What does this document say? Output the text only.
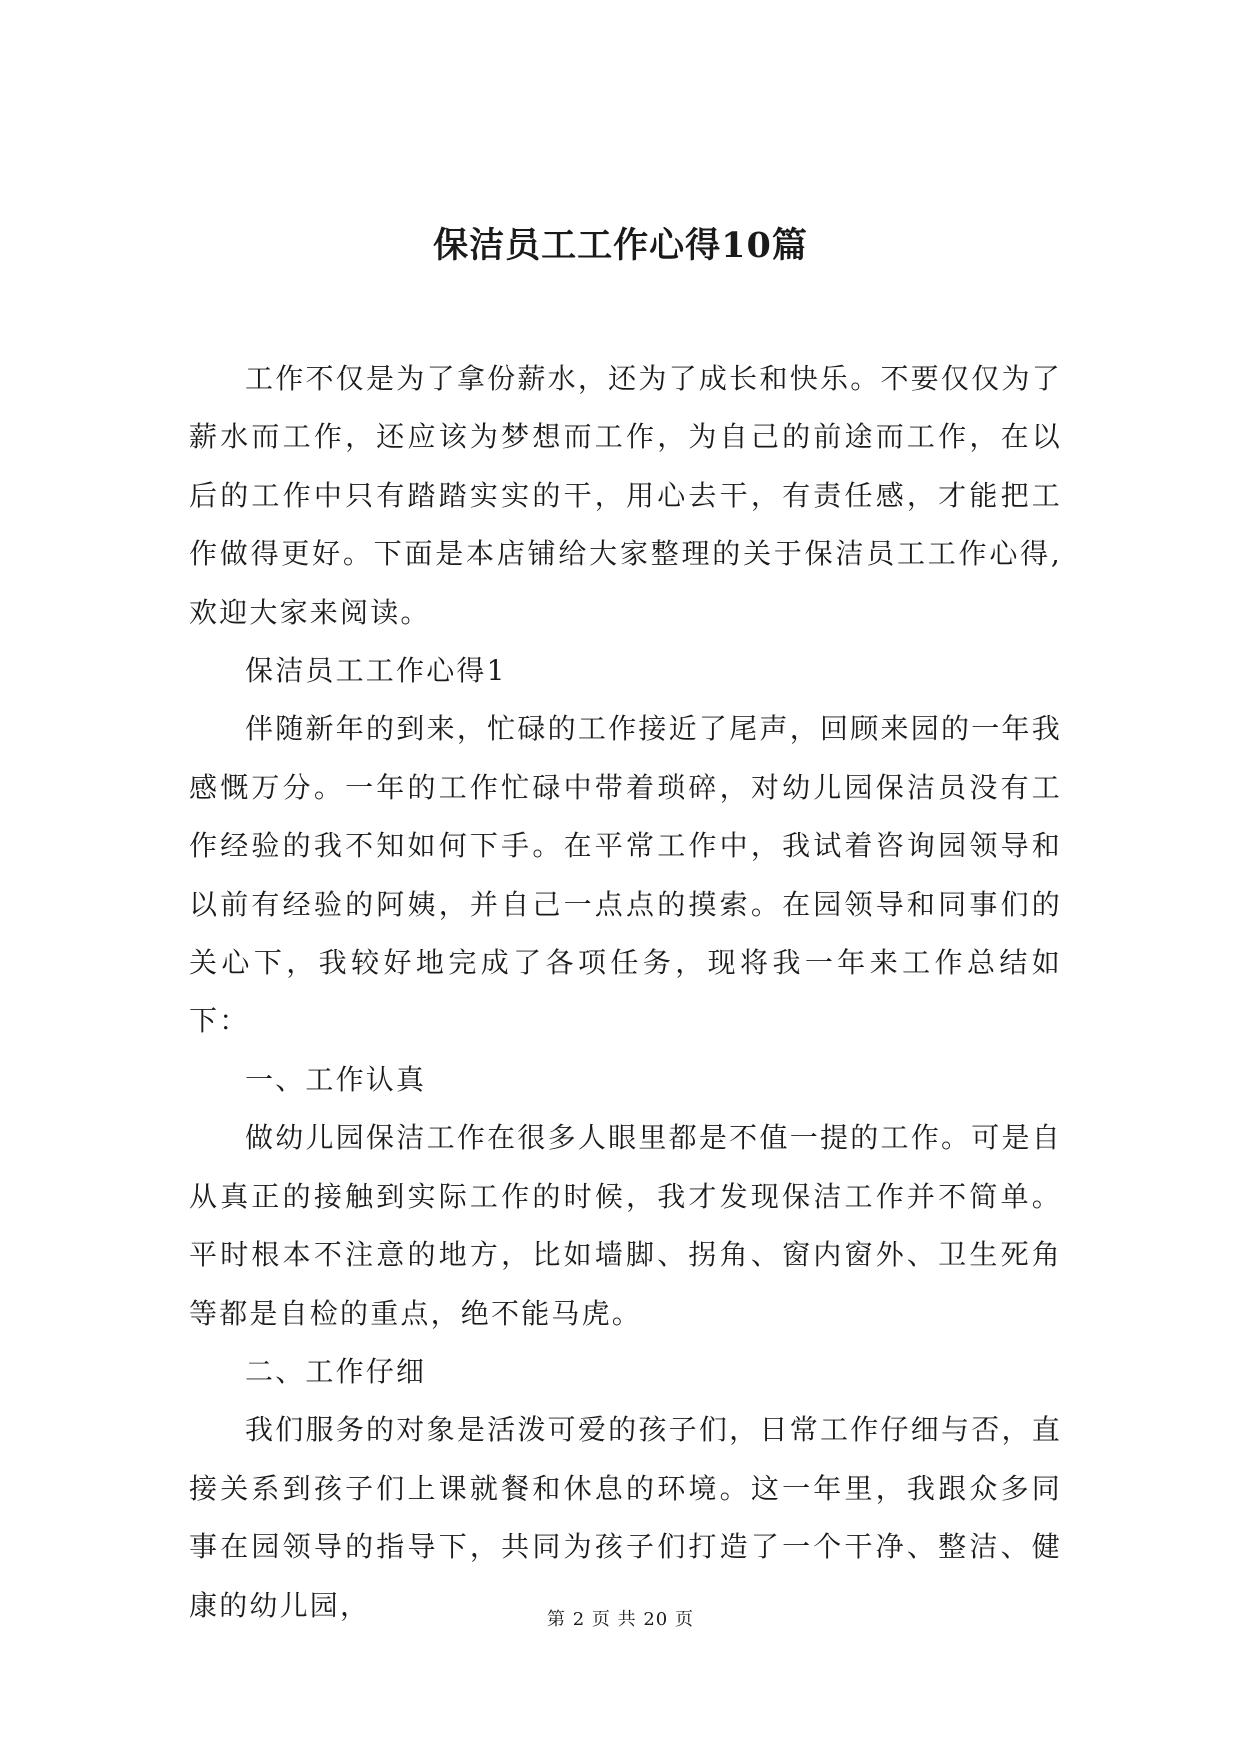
保洁员工工作心得10篇

工作不仅是为了拿份薪水，还为了成长和快乐。不要仅仅为了薪水而工作，还应该为梦想而工作，为自己的前途而工作，在以后的工作中只有踏踏实实的干，用心去干，有责任感，才能把工作做得更好。下面是本店铺给大家整理的关于保洁员工工作心得,欢迎大家来阅读。

保洁员工工作心得1

伴随新年的到来，忙碌的工作接近了尾声，回顾来园的一年我感慨万分。一年的工作忙碌中带着琐碎，对幼儿园保洁员没有工作经验的我不知如何下手。在平常工作中，我试着咨询园领导和以前有经验的阿姨，并自己一点点的摸索。在园领导和同事们的关心下，我较好地完成了各项任务，现将我一年来工作总结如下：

一、工作认真

做幼儿园保洁工作在很多人眼里都是不值一提的工作。可是自从真正的接触到实际工作的时候，我才发现保洁工作并不简单。平时根本不注意的地方，比如墙脚、拐角、窗内窗外、卫生死角等都是自检的重点，绝不能马虎。

二、工作仔细

我们服务的对象是活泼可爱的孩子们，日常工作仔细与否，直接关系到孩子们上课就餐和休息的环境。这一年里，我跟众多同事在园领导的指导下，共同为孩子们打造了一个干净、整洁、健康的幼儿园，	第 2 页 共 20 页
